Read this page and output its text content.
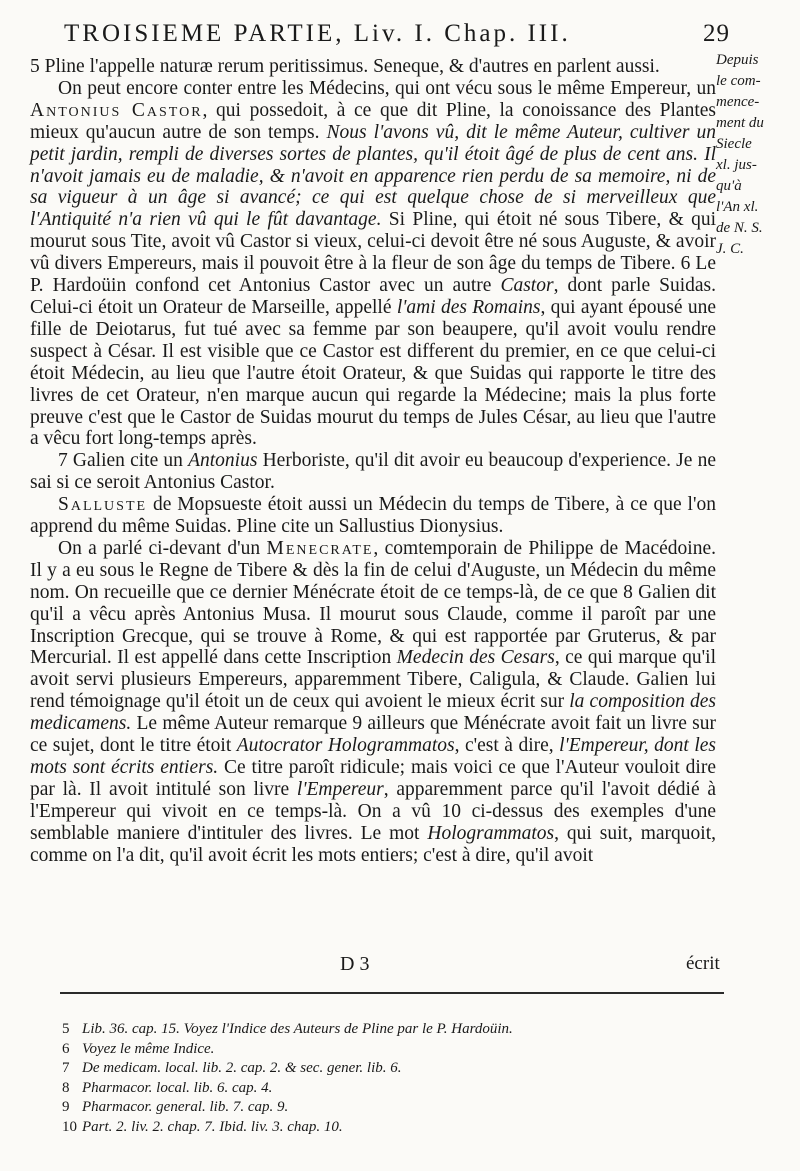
TROISIEME PARTIE, Liv. I. Chap. III.	29
Depuis
le com-
mence-
ment du
Siecle
xl. jus-
qu'à
l'An xl.
de N. S.
J. C.

5 Pline l'appelle naturæ rerum peritissimus. Seneque, & d'autres en parlent aussi.

On peut encore conter entre les Médecins, qui ont vécu sous le même Empereur, un Antonius Castor, qui possedoit, à ce que dit Pline, la conoissance des Plantes mieux qu'aucun autre de son temps. Nous l'avons vû, dit le même Auteur, cultiver un petit jardin, rempli de diverses sortes de plantes, qu'il étoit âgé de plus de cent ans. Il n'avoit jamais eu de maladie, & n'avoit en apparence rien perdu de sa memoire, ni de sa vigueur à un âge si avancé; ce qui est quelque chose de si merveilleux que l'Antiquité n'a rien vû qui le fût davantage. Si Pline, qui étoit né sous Tibere, & qui mourut sous Tite, avoit vû Castor si vieux, celui-ci devoit être né sous Auguste, & avoir vû divers Empereurs, mais il pouvoit être à la fleur de son âge du temps de Tibere. 6 Le P. Hardoüin confond cet Antonius Castor avec un autre Castor, dont parle Suidas. Celui-ci étoit un Orateur de Marseille, appellé l'ami des Romains, qui ayant épousé une fille de Deiotarus, fut tué avec sa femme par son beaupere, qu'il avoit voulu rendre suspect à César. Il est visible que ce Castor est different du premier, en ce que celui-ci étoit Médecin, au lieu que l'autre étoit Orateur, & que Suidas qui rapporte le titre des livres de cet Orateur, n'en marque aucun qui regarde la Médecine; mais la plus forte preuve c'est que le Castor de Suidas mourut du temps de Jules César, au lieu que l'autre a vêcu fort long-temps après.

7 Galien cite un Antonius Herboriste, qu'il dit avoir eu beaucoup d'experience. Je ne sai si ce seroit Antonius Castor.

Salluste de Mopsueste étoit aussi un Médecin du temps de Tibere, à ce que l'on apprend du même Suidas. Pline cite un Sallustius Dionysius.

On a parlé ci-devant d'un Menecrate, comtemporain de Philippe de Macédoine. Il y a eu sous le Regne de Tibere & dès la fin de celui d'Auguste, un Médecin du même nom. On recueille que ce dernier Ménécrate étoit de ce temps-là, de ce que 8 Galien dit qu'il a vêcu après Antonius Musa. Il mourut sous Claude, comme il paroît par une Inscription Grecque, qui se trouve à Rome, & qui est rapportée par Gruterus, & par Mercurial. Il est appellé dans cette Inscription Medecin des Cesars, ce qui marque qu'il avoit servi plusieurs Empereurs, apparemment Tibere, Caligula, & Claude. Galien lui rend témoignage qu'il étoit un de ceux qui avoient le mieux écrit sur la composition des medicamens. Le même Auteur remarque 9 ailleurs que Ménécrate avoit fait un livre sur ce sujet, dont le titre étoit Autocrator Hologrammatos, c'est à dire, l'Empereur, dont les mots sont écrits entiers. Ce titre paroît ridicule; mais voici ce que l'Auteur vouloit dire par là. Il avoit intitulé son livre l'Empereur, apparemment parce qu'il l'avoit dédié à l'Empereur qui vivoit en ce temps-là. On a vû 10 ci-dessus des exemples d'une semblable maniere d'intituler des livres. Le mot Hologrammatos, qui suit, marquoit, comme on l'a dit, qu'il avoit écrit les mots entiers; c'est à dire, qu'il avoit

D 3	écrit
5 Lib. 36. cap. 15. Voyez l'Indice des Auteurs de Pline par le P. Hardoüin.
6 Voyez le même Indice.
7 De medicam. local. lib. 2. cap. 2. & sec. gener. lib. 6.
8 Pharmacor. local. lib. 6. cap. 4.
9 Pharmacor. general. lib. 7. cap. 9.
10 Part. 2. liv. 2. chap. 7. Ibid. liv. 3. chap. 10.
